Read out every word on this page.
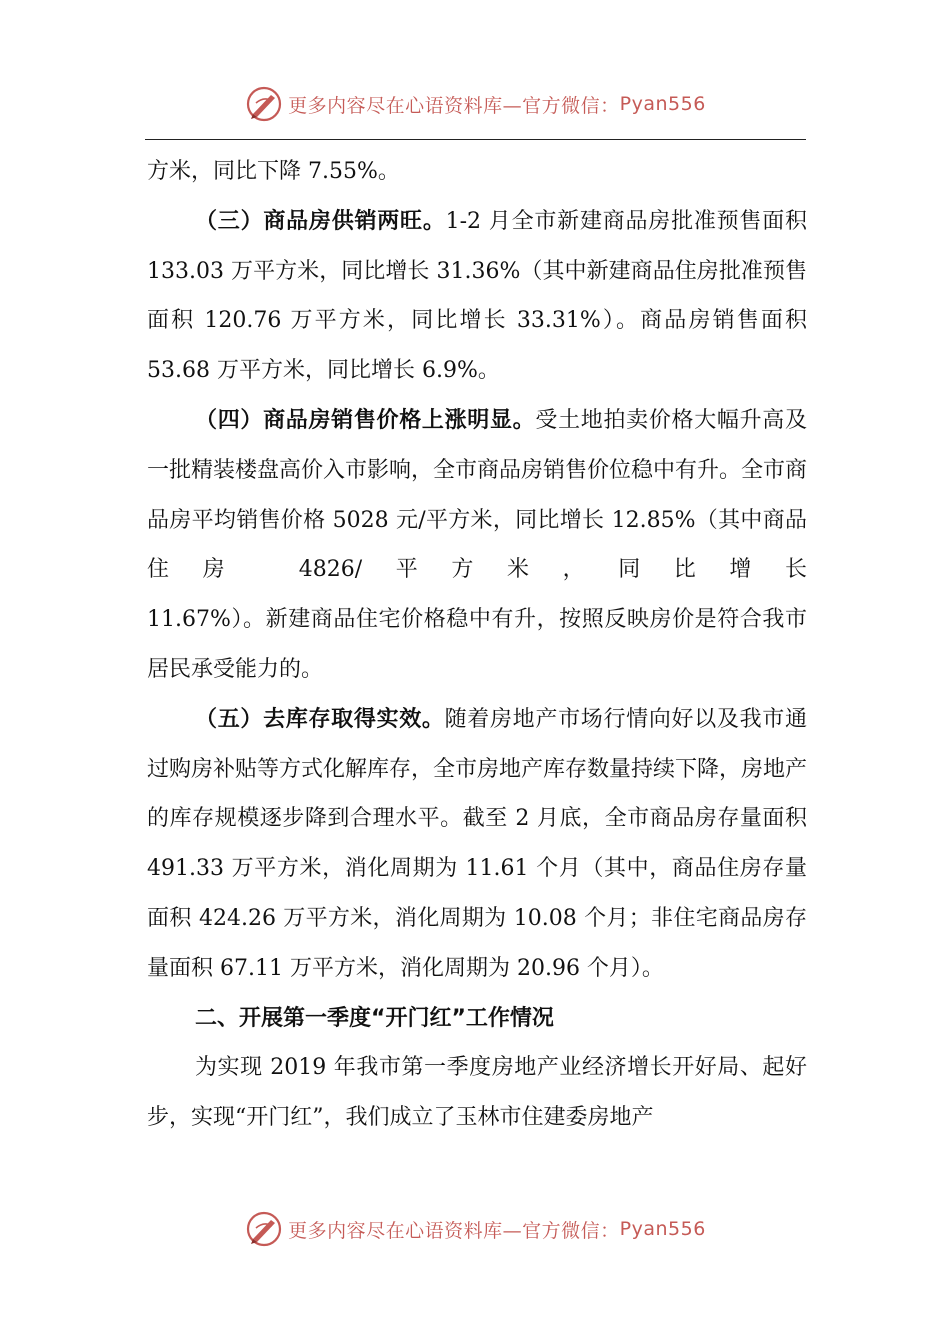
更多内容尽在心语资料库—官方微信： Pyan556

方米，同比下降 7.55%。

（三）商品房供销两旺。1-2 月全市新建商品房批准预售面积 133.03 万平方米，同比增长 31.36%（其中新建商品住房批准预售面积 120.76 万平方米，同比增长 33.31%）。商品房销售面积 53.68 万平方米，同比增长 6.9%。

（四）商品房销售价格上涨明显。受土地拍卖价格大幅升高及一批精装楼盘高价入市影响，全市商品房销售价位稳中有升。全市商品房平均销售价格 5028 元/平方米，同比增长 12.85%（其中商品住房 4826/平方米，同比增长

11.67%）。新建商品住宅价格稳中有升，按照反映房价是符合我市居民承受能力的。

（五）去库存取得实效。随着房地产市场行情向好以及我市通过购房补贴等方式化解库存，全市房地产库存数量持续下降，房地产的库存规模逐步降到合理水平。截至 2 月底，全市商品房存量面积 491.33 万平方米，消化周期为 11.61 个月（其中，商品住房存量面积 424.26 万平方米，消化周期为 10.08 个月；非住宅商品房存量面积 67.11 万平方米，消化周期为 20.96 个月）。

二、开展第一季度“开门红”工作情况

为实现 2019 年我市第一季度房地产业经济增长开好局、起好步，实现“开门红”，我们成立了玉林市住建委房地产

更多内容尽在心语资料库—官方微信： Pyan556
